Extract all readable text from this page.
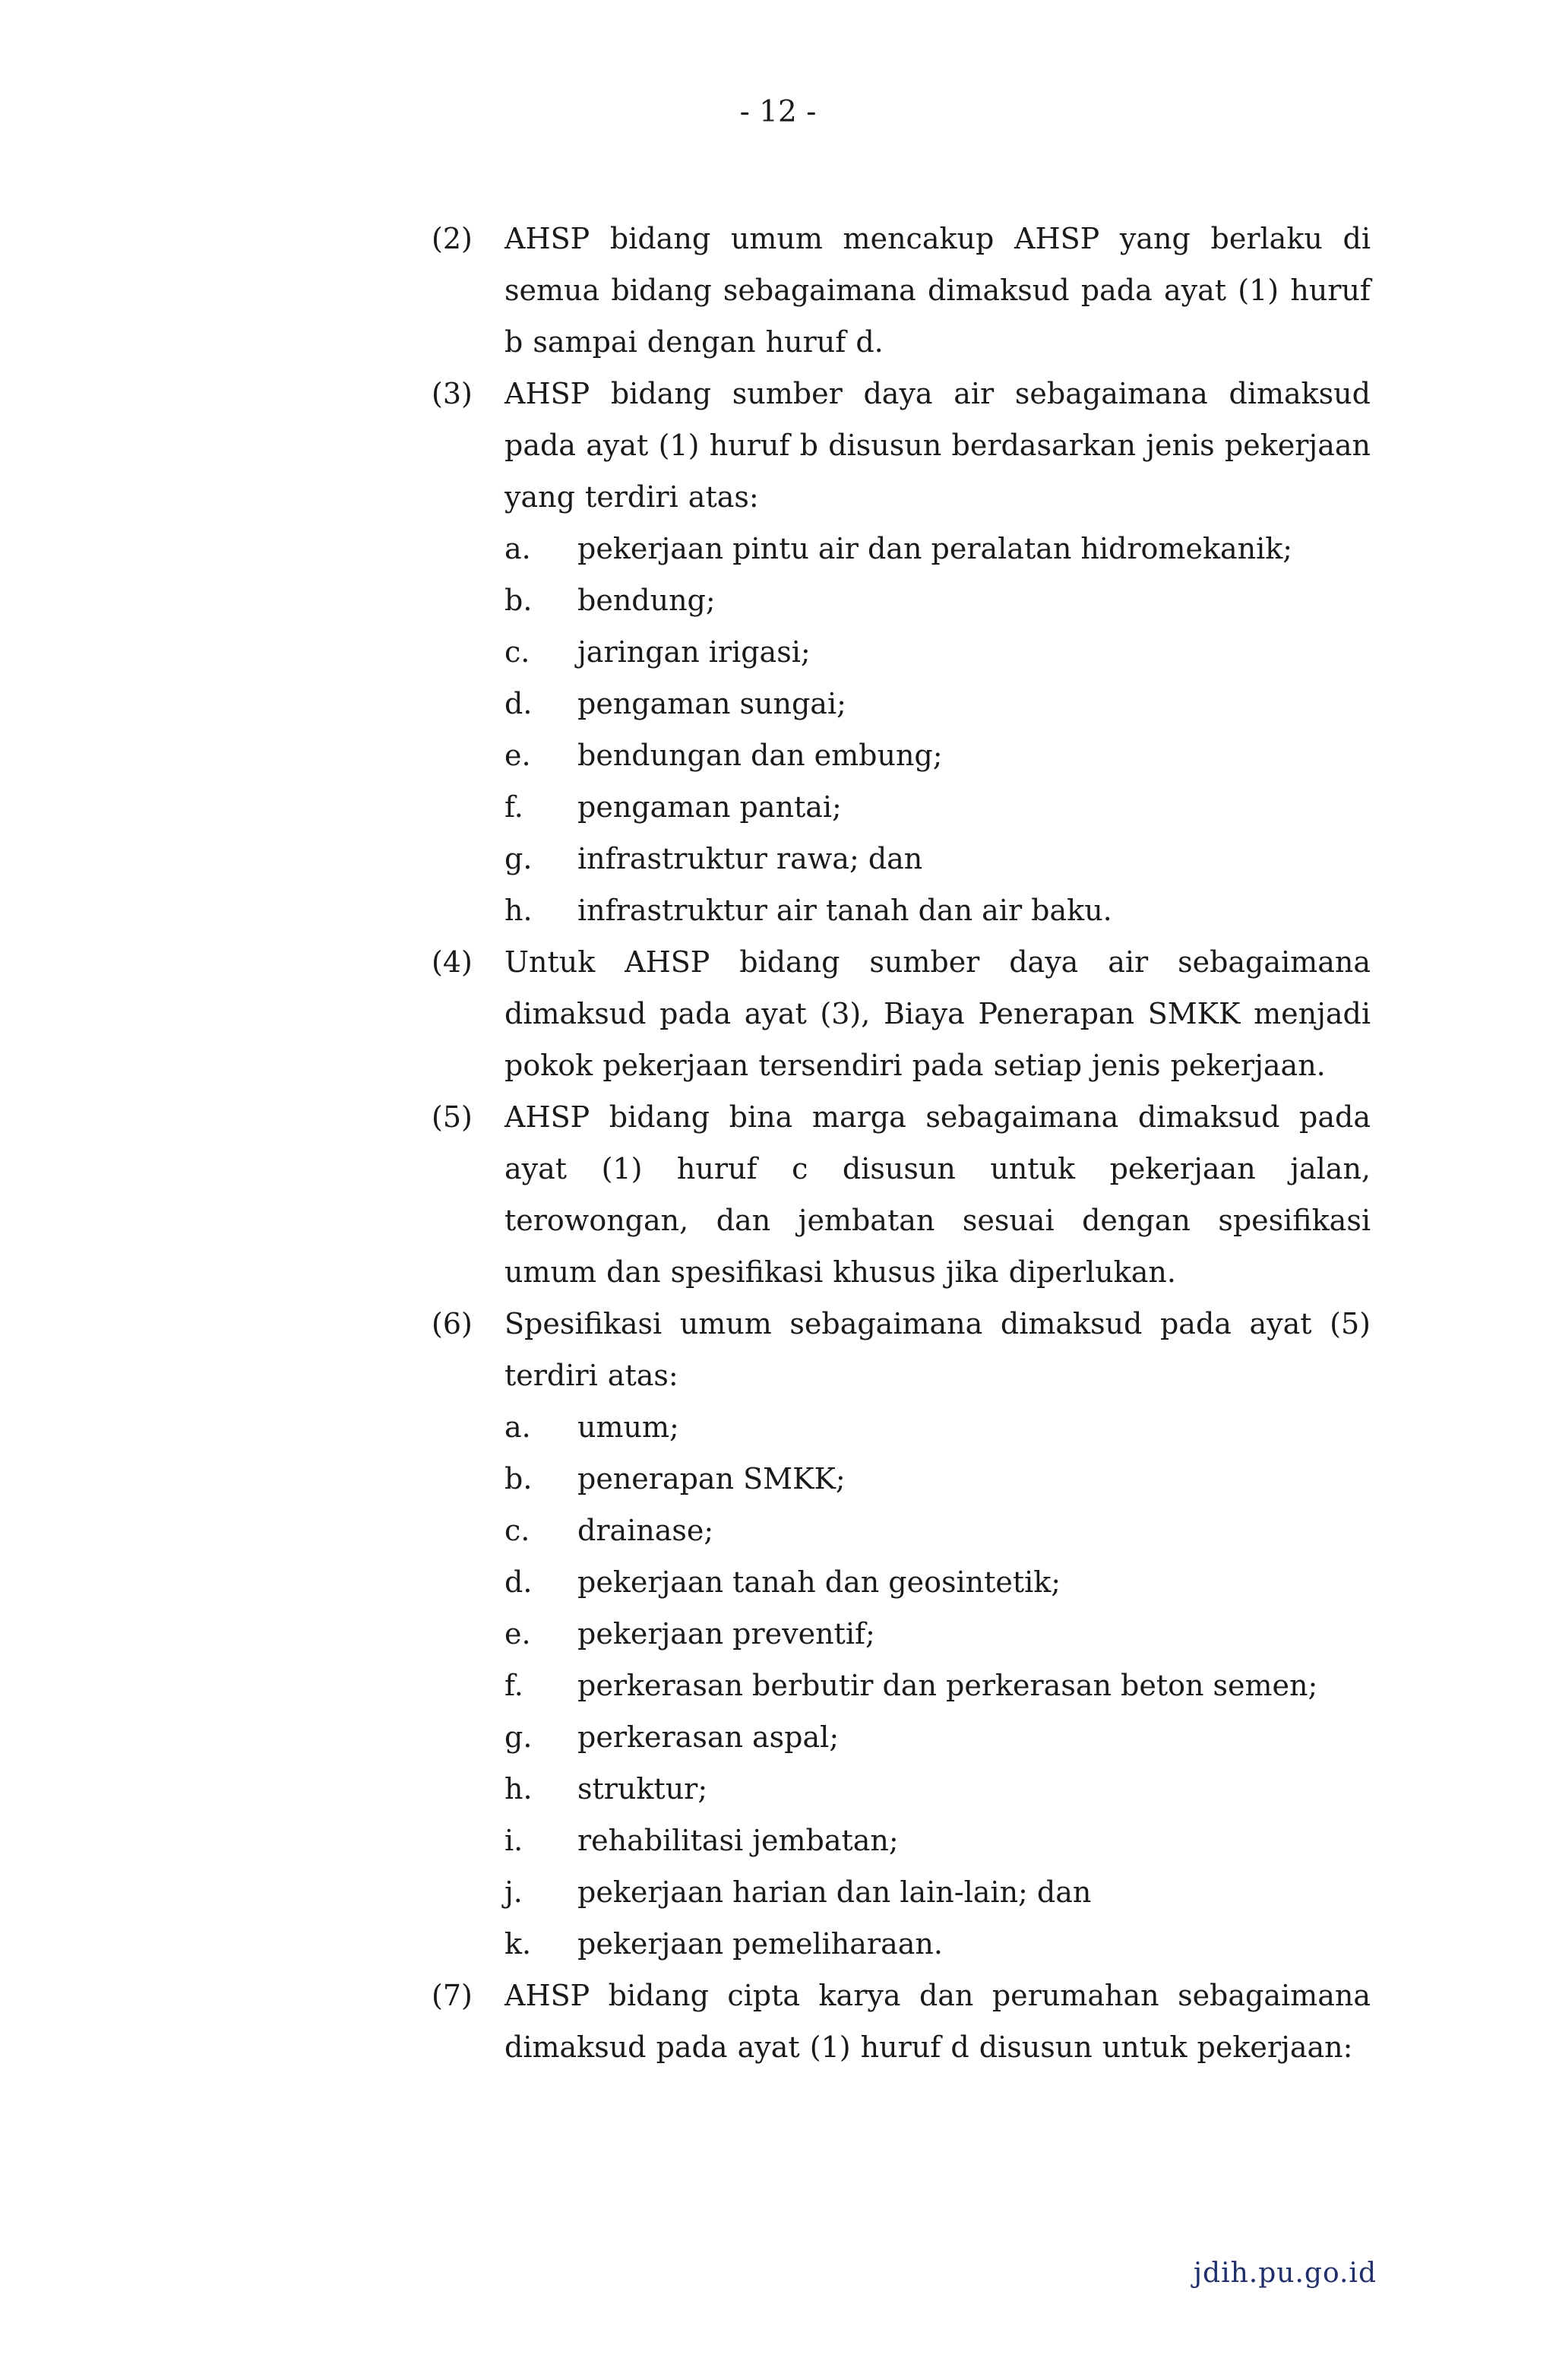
- 12 -
(2) AHSP bidang umum mencakup AHSP yang berlaku di semua bidang sebagaimana dimaksud pada ayat (1) huruf b sampai dengan huruf d.
(3) AHSP bidang sumber daya air sebagaimana dimaksud pada ayat (1) huruf b disusun berdasarkan jenis pekerjaan yang terdiri atas:
a. pekerjaan pintu air dan peralatan hidromekanik;
b. bendung;
c. jaringan irigasi;
d. pengaman sungai;
e. bendungan dan embung;
f. pengaman pantai;
g. infrastruktur rawa; dan
h. infrastruktur air tanah dan air baku.
(4) Untuk AHSP bidang sumber daya air sebagaimana dimaksud pada ayat (3), Biaya Penerapan SMKK menjadi pokok pekerjaan tersendiri pada setiap jenis pekerjaan.
(5) AHSP bidang bina marga sebagaimana dimaksud pada ayat (1) huruf c disusun untuk pekerjaan jalan, terowongan, dan jembatan sesuai dengan spesifikasi umum dan spesifikasi khusus jika diperlukan.
(6) Spesifikasi umum sebagaimana dimaksud pada ayat (5) terdiri atas:
a. umum;
b. penerapan SMKK;
c. drainase;
d. pekerjaan tanah dan geosintetik;
e. pekerjaan preventif;
f. perkerasan berbutir dan perkerasan beton semen;
g. perkerasan aspal;
h. struktur;
i. rehabilitasi jembatan;
j. pekerjaan harian dan lain-lain; dan
k. pekerjaan pemeliharaan.
(7) AHSP bidang cipta karya dan perumahan sebagaimana dimaksud pada ayat (1) huruf d disusun untuk pekerjaan:
jdih.pu.go.id
